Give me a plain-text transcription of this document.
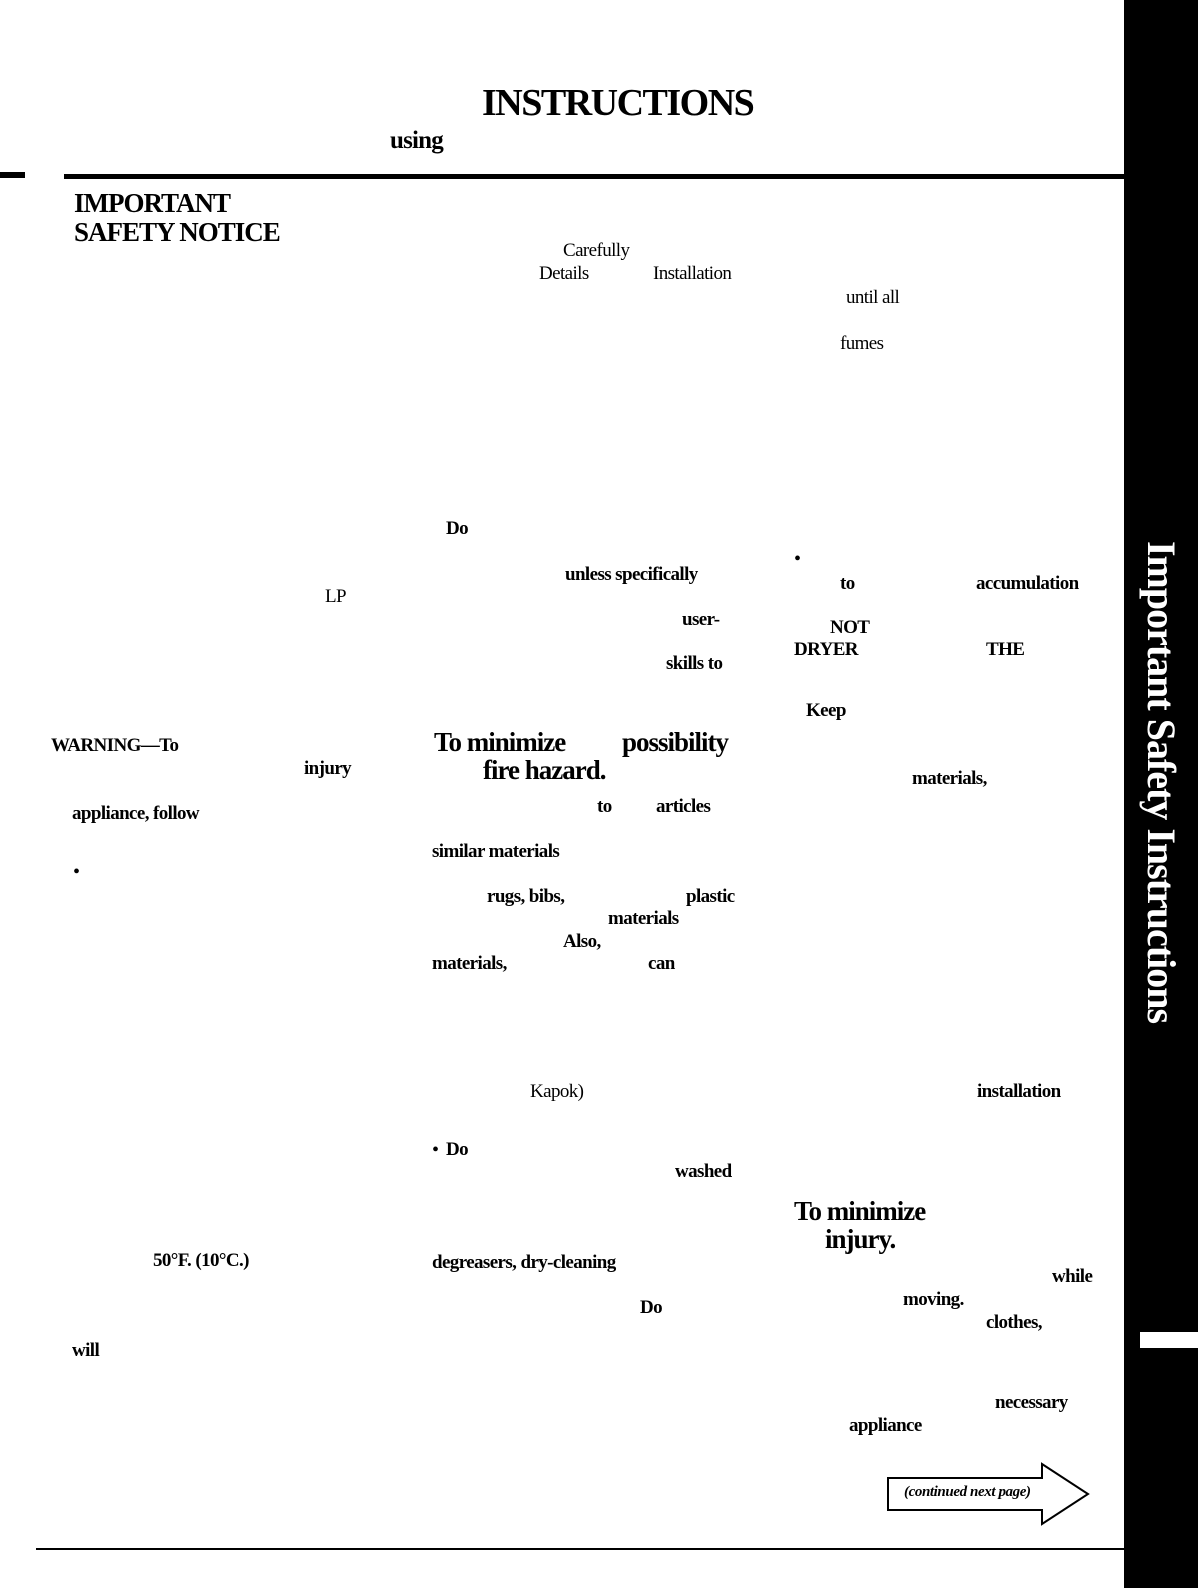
Important Safety Instructions
INSTRUCTIONS
using
IMPORTANT
SAFETY NOTICE
Carefully
Details	Installation
until all
fumes
Do
•
unless specifically	to	accumulation
LP
user-	NOT
DRYER	THE
skills to
Keep
WARNING—To	To minimize possibility
fire hazard.
injury	materials,
to articles
appliance, follow
similar materials
•
rugs, bibs,	plastic
materials
Also,
materials,	can
Kapok)	installation
• Do
washed
To minimize
injury.
50°F. (10°C.)	degreasers, dry-cleaning
while
moving.
Do
clothes,
will
necessary
appliance
(continued next page)
